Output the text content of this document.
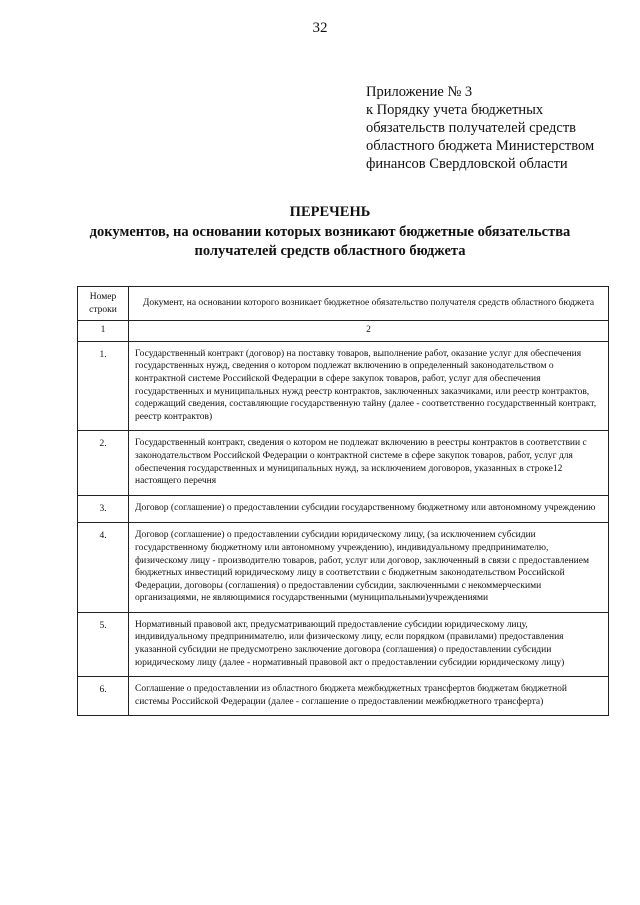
32
Приложение № 3
к Порядку учета бюджетных
обязательств получателей средств
областного бюджета Министерством
финансов Свердловской области
ПЕРЕЧЕНЬ
документов, на основании которых возникают бюджетные обязательства
получателей средств областного бюджета
Номер строки	Документ, на основании которого возникает бюджетное обязательство получателя средств областного бюджета
1	2
1.	Государственный контракт (договор) на поставку товаров, выполнение работ, оказание услуг для обеспечения государственных нужд, сведения о котором подлежат включению в определенный законодательством о контрактной системе Российской Федерации в сфере закупок товаров, работ, услуг для обеспечения государственных и муниципальных нужд реестр контрактов, заключенных заказчиками, или реестр контрактов, содержащий сведения, составляющие государственную тайну (далее - соответственно государственный контракт, реестр контрактов)
2.	Государственный контракт, сведения о котором не подлежат включению в реестры контрактов в соответствии с законодательством Российской Федерации о контрактной системе в сфере закупок товаров, работ, услуг для обеспечения государственных и муниципальных нужд, за исключением договоров, указанных в строке12 настоящего перечня
3.	Договор (соглашение) о предоставлении субсидии государственному бюджетному или автономному учреждению
4.	Договор (соглашение) о предоставлении субсидии юридическому лицу, (за исключением субсидии государственному бюджетному или автономному учреждению), индивидуальному предпринимателю, физическому лицу - производителю товаров, работ, услуг или договор, заключенный в связи с предоставлением бюджетных инвестиций юридическому лицу в соответствии с бюджетным законодательством Российской Федерации, договоры (соглашения) о предоставлении субсидии, заключенными с некоммерческими организациями, не являющимися государственными (муниципальными)учреждениями
5.	Нормативный правовой акт, предусматривающий предоставление субсидии юридическому лицу, индивидуальному предпринимателю, или физическому лицу, если порядком (правилами) предоставления указанной субсидии не предусмотрено заключение договора (соглашения) о предоставлении субсидии юридическому лицу (далее - нормативный правовой акт о предоставлении субсидии юридическому лицу)
6.	Соглашение о предоставлении из областного бюджета межбюджетных трансфертов бюджетам бюджетной системы Российской Федерации (далее - соглашение о предоставлении межбюджетного трансферта)
